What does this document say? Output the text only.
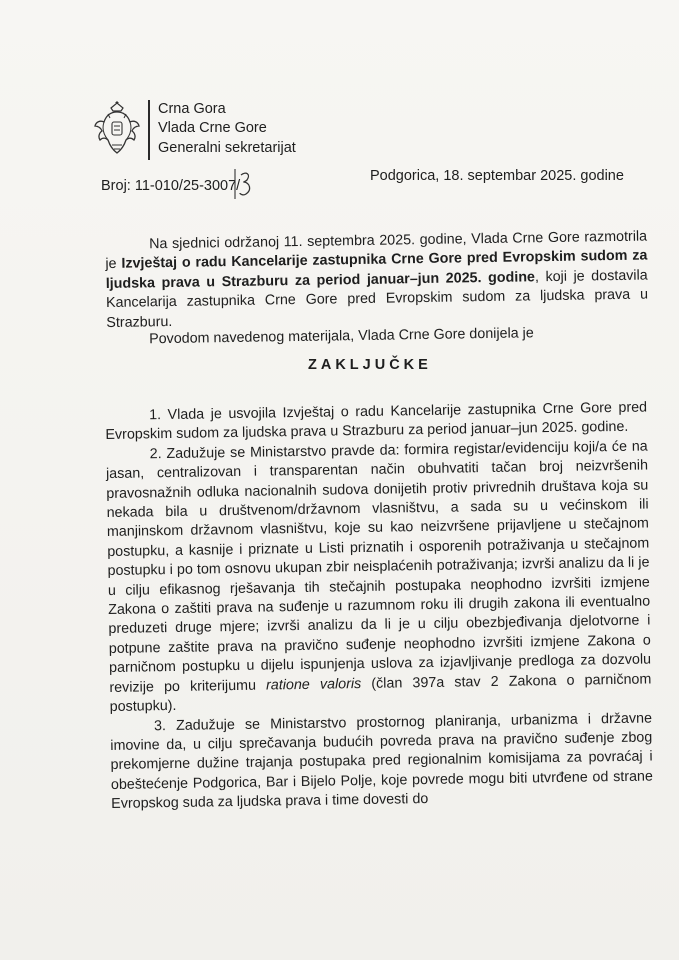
Crna Gora
Vlada Crne Gore
Generalni sekretarijat
Broj: 11-010/25-3007/
Podgorica, 18. septembar 2025. godine

Na sjednici održanoj 11. septembra 2025. godine, Vlada Crne Gore razmotrila je Izvještaj o radu Kancelarije zastupnika Crne Gore pred Evropskim sudom za ljudska prava u Strazburu za period januar–jun 2025. godine, koji je dostavila Kancelarija zastupnika Crne Gore pred Evropskim sudom za ljudska prava u Strazburu.

Povodom navedenog materijala, Vlada Crne Gore donijela je

ZAKLJUČKE

1. Vlada je usvojila Izvještaj o radu Kancelarije zastupnika Crne Gore pred Evropskim sudom za ljudska prava u Strazburu za period januar–jun 2025. godine.

2. Zadužuje se Ministarstvo pravde da: formira registar/evidenciju koji/a će na jasan, centralizovan i transparentan način obuhvatiti tačan broj neizvršenih pravosnažnih odluka nacionalnih sudova donijetih protiv privrednih društava koja su nekada bila u društvenom/državnom vlasništvu, a sada su u većinskom ili manjinskom državnom vlasništvu, koje su kao neizvršene prijavljene u stečajnom postupku, a kasnije i priznate u Listi priznatih i osporenih potraživanja u stečajnom postupku i po tom osnovu ukupan zbir neisplaćenih potraživanja; izvrši analizu da li je u cilju efikasnog rješavanja tih stečajnih postupaka neophodno izvršiti izmjene Zakona o zaštiti prava na suđenje u razumnom roku ili drugih zakona ili eventualno preduzeti druge mjere; izvrši analizu da li je u cilju obezbjeđivanja djelotvorne i potpune zaštite prava na pravično suđenje neophodno izvršiti izmjene Zakona o parničnom postupku u dijelu ispunjenja uslova za izjavljivanje predloga za dozvolu revizije po kriterijumu ratione valoris (član 397a stav 2 Zakona o parničnom postupku).

3. Zadužuje se Ministarstvo prostornog planiranja, urbanizma i državne imovine da, u cilju sprečavanja budućih povreda prava na pravično suđenje zbog prekomjerne dužine trajanja postupaka pred regionalnim komisijama za povraćaj i obeštećenje Podgorica, Bar i Bijelo Polje, koje povrede mogu biti utvrđene od strane Evropskog suda za ljudska prava i time dovesti do
